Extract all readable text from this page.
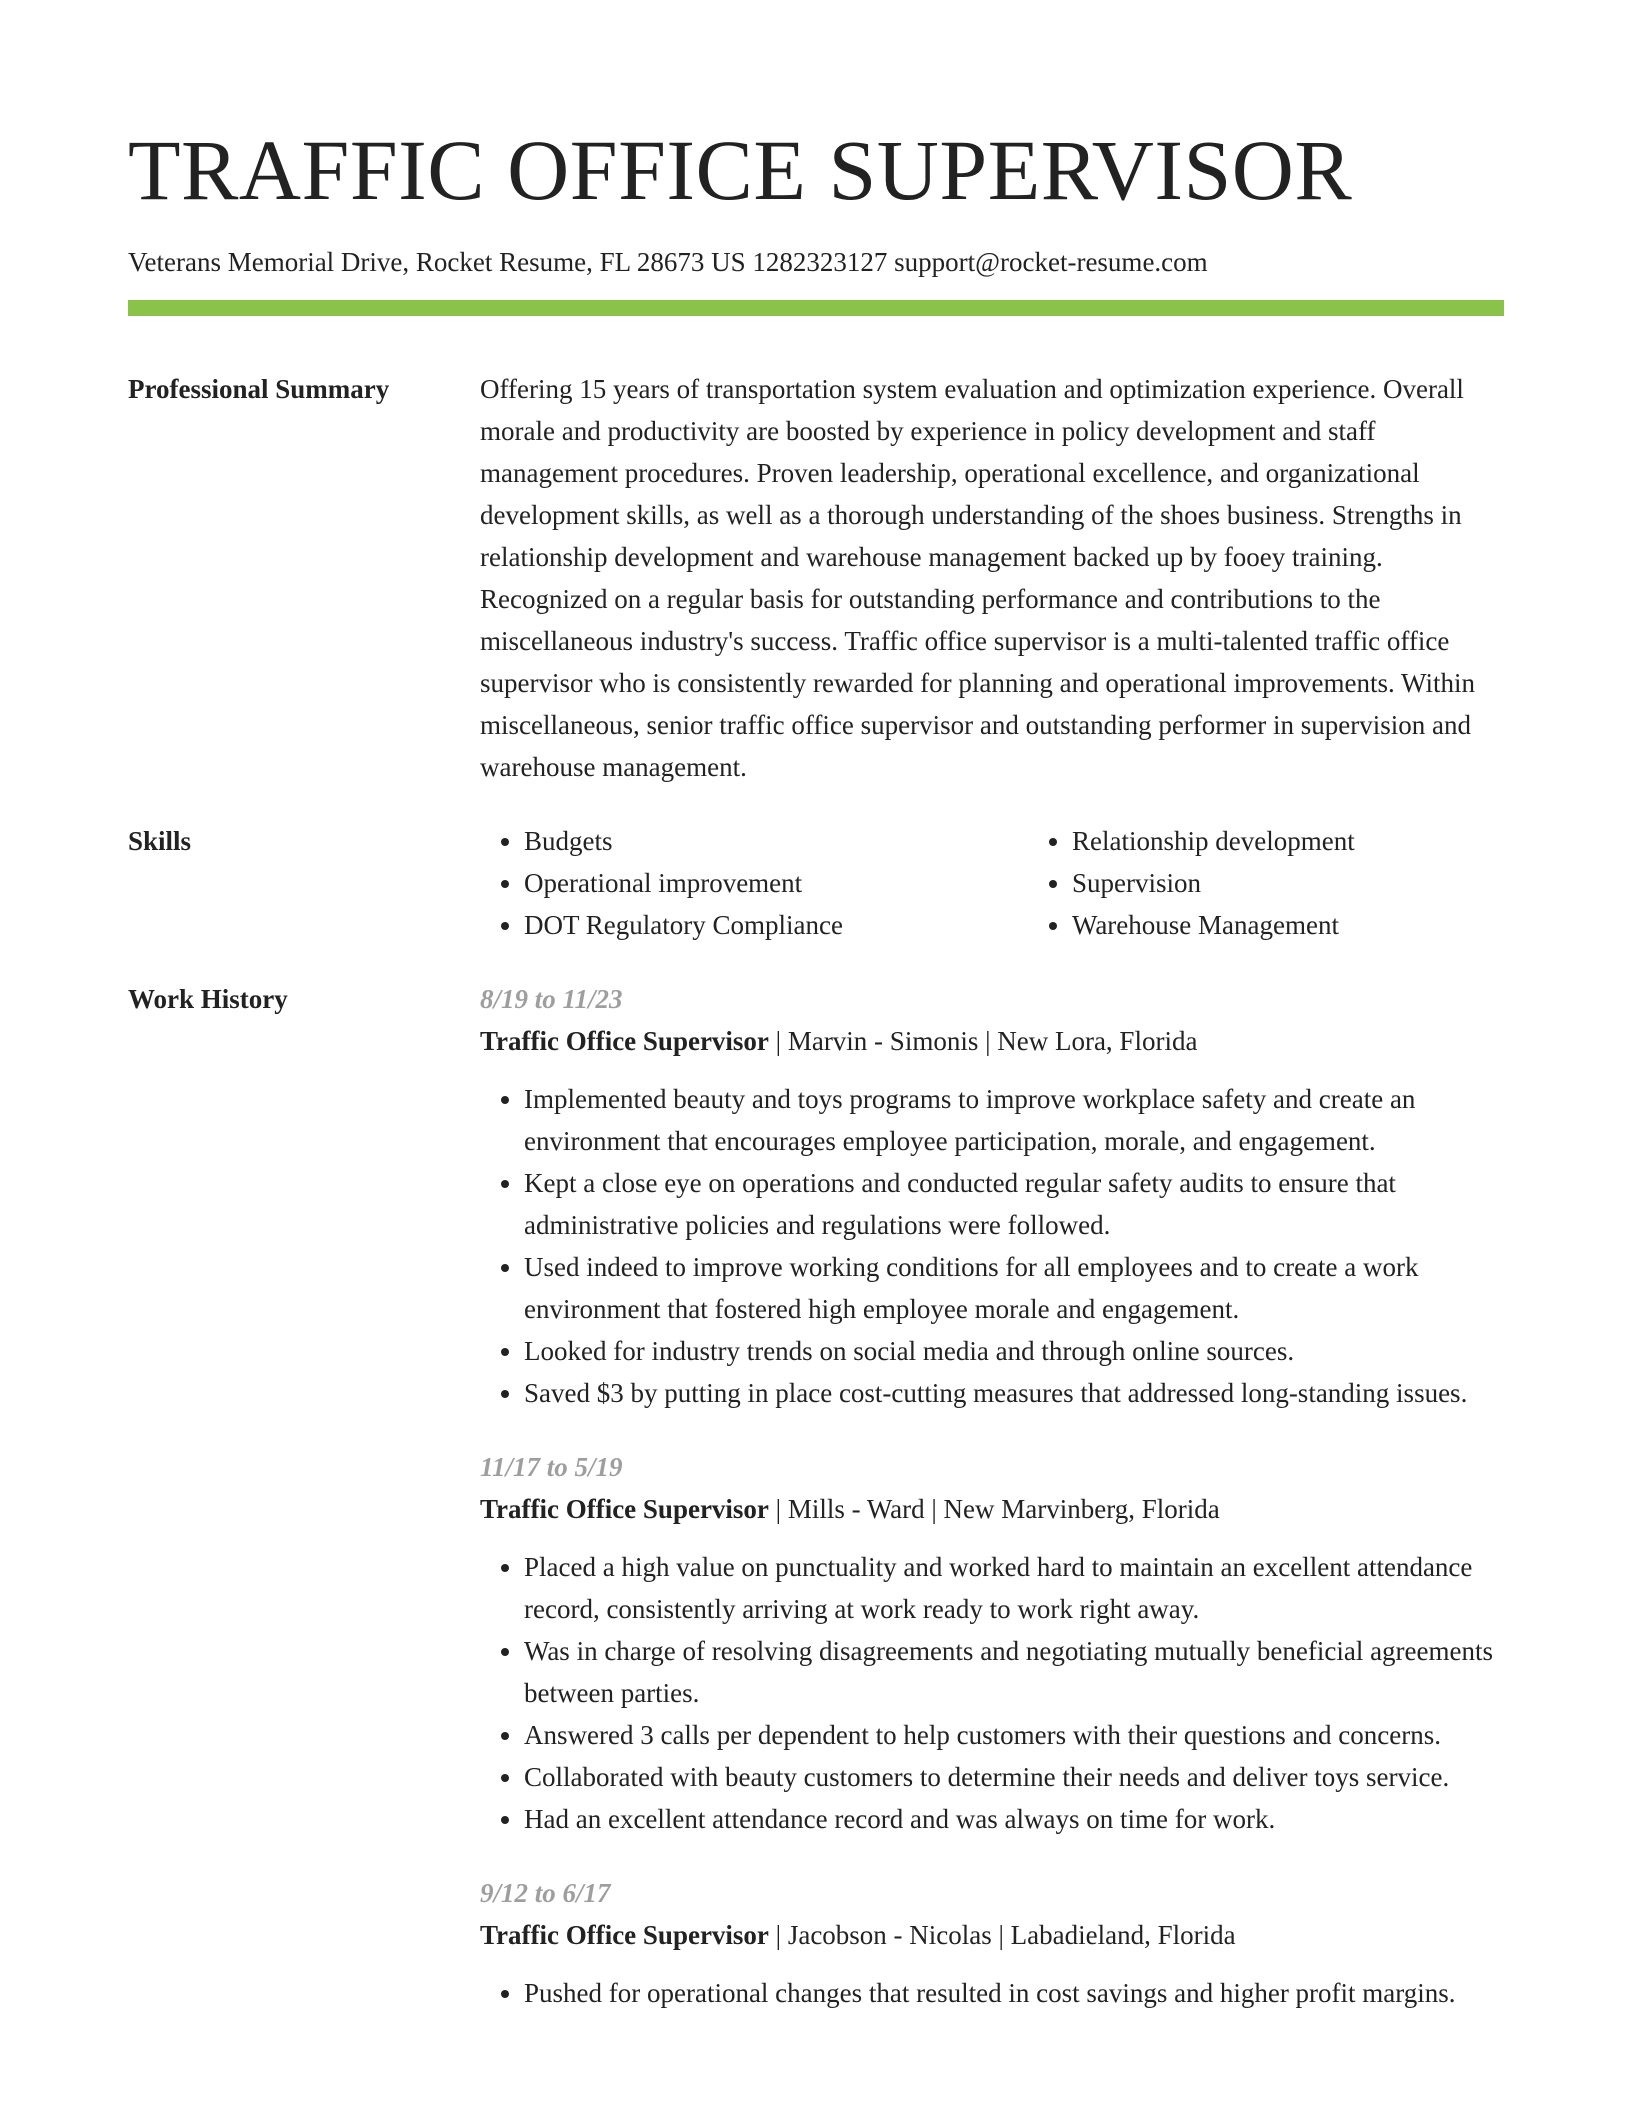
TRAFFIC OFFICE SUPERVISOR
Veterans Memorial Drive, Rocket Resume, FL 28673 US 1282323127 support@rocket-resume.com
Professional Summary	Offering 15 years of transportation system evaluation and optimization experience. Overall morale and productivity are boosted by experience in policy development and staff management procedures. Proven leadership, operational excellence, and organizational development skills, as well as a thorough understanding of the shoes business. Strengths in relationship development and warehouse management backed up by fooey training. Recognized on a regular basis for outstanding performance and contributions to the miscellaneous industry's success. Traffic office supervisor is a multi-talented traffic office supervisor who is consistently rewarded for planning and operational improvements. Within miscellaneous, senior traffic office supervisor and outstanding performer in supervision and warehouse management.

Skills
•	Budgets
• Operational improvement
• DOT Regulatory Compliance
• Relationship development
• Supervision
• Warehouse Management
Work History	8/19 to 11/23
Traffic Office Supervisor | Marvin - Simonis | New Lora, Florida
• Implemented beauty and toys programs to improve workplace safety and create an environment that encourages employee participation, morale, and engagement.
• Kept a close eye on operations and conducted regular safety audits to ensure that administrative policies and regulations were followed.
• Used indeed to improve working conditions for all employees and to create a work environment that fostered high employee morale and engagement.
• Looked for industry trends on social media and through online sources.
• Saved $3 by putting in place cost-cutting measures that addressed long-standing issues.
11/17 to 5/19
Traffic Office Supervisor | Mills - Ward | New Marvinberg, Florida
• Placed a high value on punctuality and worked hard to maintain an excellent attendance record, consistently arriving at work ready to work right away.
• Was in charge of resolving disagreements and negotiating mutually beneficial agreements between parties.
• Answered 3 calls per dependent to help customers with their questions and concerns.
• Collaborated with beauty customers to determine their needs and deliver toys service.
• Had an excellent attendance record and was always on time for work.
9/12 to 6/17
Traffic Office Supervisor | Jacobson - Nicolas | Labadieland, Florida
• Pushed for operational changes that resulted in cost savings and higher profit margins.
